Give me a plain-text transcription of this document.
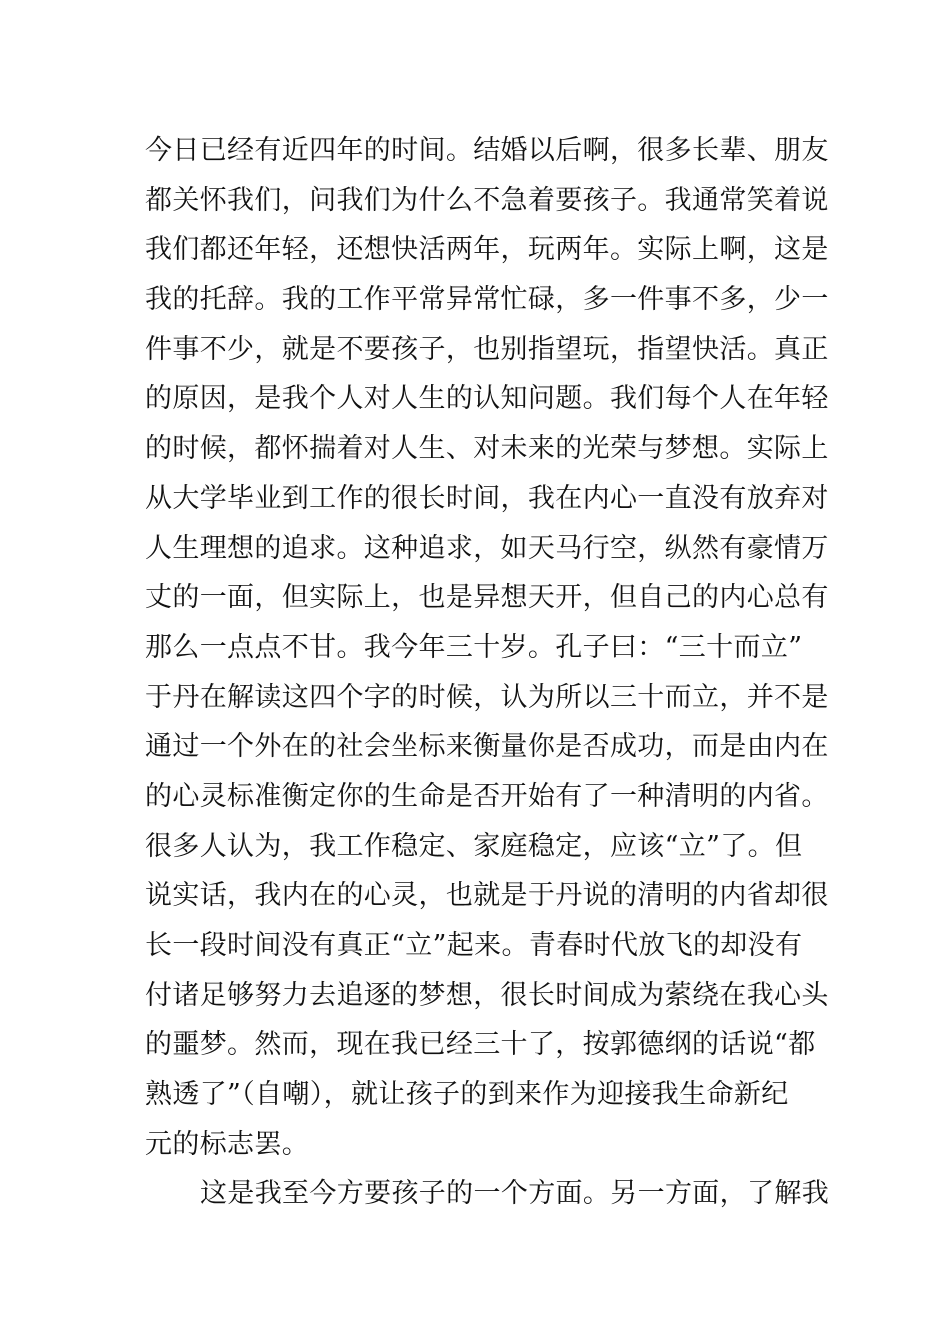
今日已经有近四年的时间。结婚以后啊，很多长辈、朋友
都关怀我们，问我们为什么不急着要孩子。我通常笑着说
我们都还年轻，还想快活两年，玩两年。实际上啊，这是
我的托辞。我的工作平常异常忙碌，多一件事不多，少一
件事不少，就是不要孩子，也别指望玩，指望快活。真正
的原因，是我个人对人生的认知问题。我们每个人在年轻
的时候，都怀揣着对人生、对未来的光荣与梦想。实际上
从大学毕业到工作的很长时间，我在内心一直没有放弃对
人生理想的追求。这种追求，如天马行空，纵然有豪情万
丈的一面，但实际上，也是异想天开，但自己的内心总有
那么一点点不甘。我今年三十岁。孔子曰：“三十而立”
于丹在解读这四个字的时候，认为所以三十而立，并不是
通过一个外在的社会坐标来衡量你是否成功，而是由内在
的心灵标准衡定你的生命是否开始有了一种清明的内省。
很多人认为，我工作稳定、家庭稳定，应该“立”了。但
说实话，我内在的心灵，也就是于丹说的清明的内省却很
长一段时间没有真正“立”起来。青春时代放飞的却没有
付诸足够努力去追逐的梦想，很长时间成为萦绕在我心头
的噩梦。然而，现在我已经三十了，按郭德纲的话说“都
熟透了”（自嘲），就让孩子的到来作为迎接我生命新纪
元的标志罢。
这是我至今方要孩子的一个方面。另一方面，了解我
